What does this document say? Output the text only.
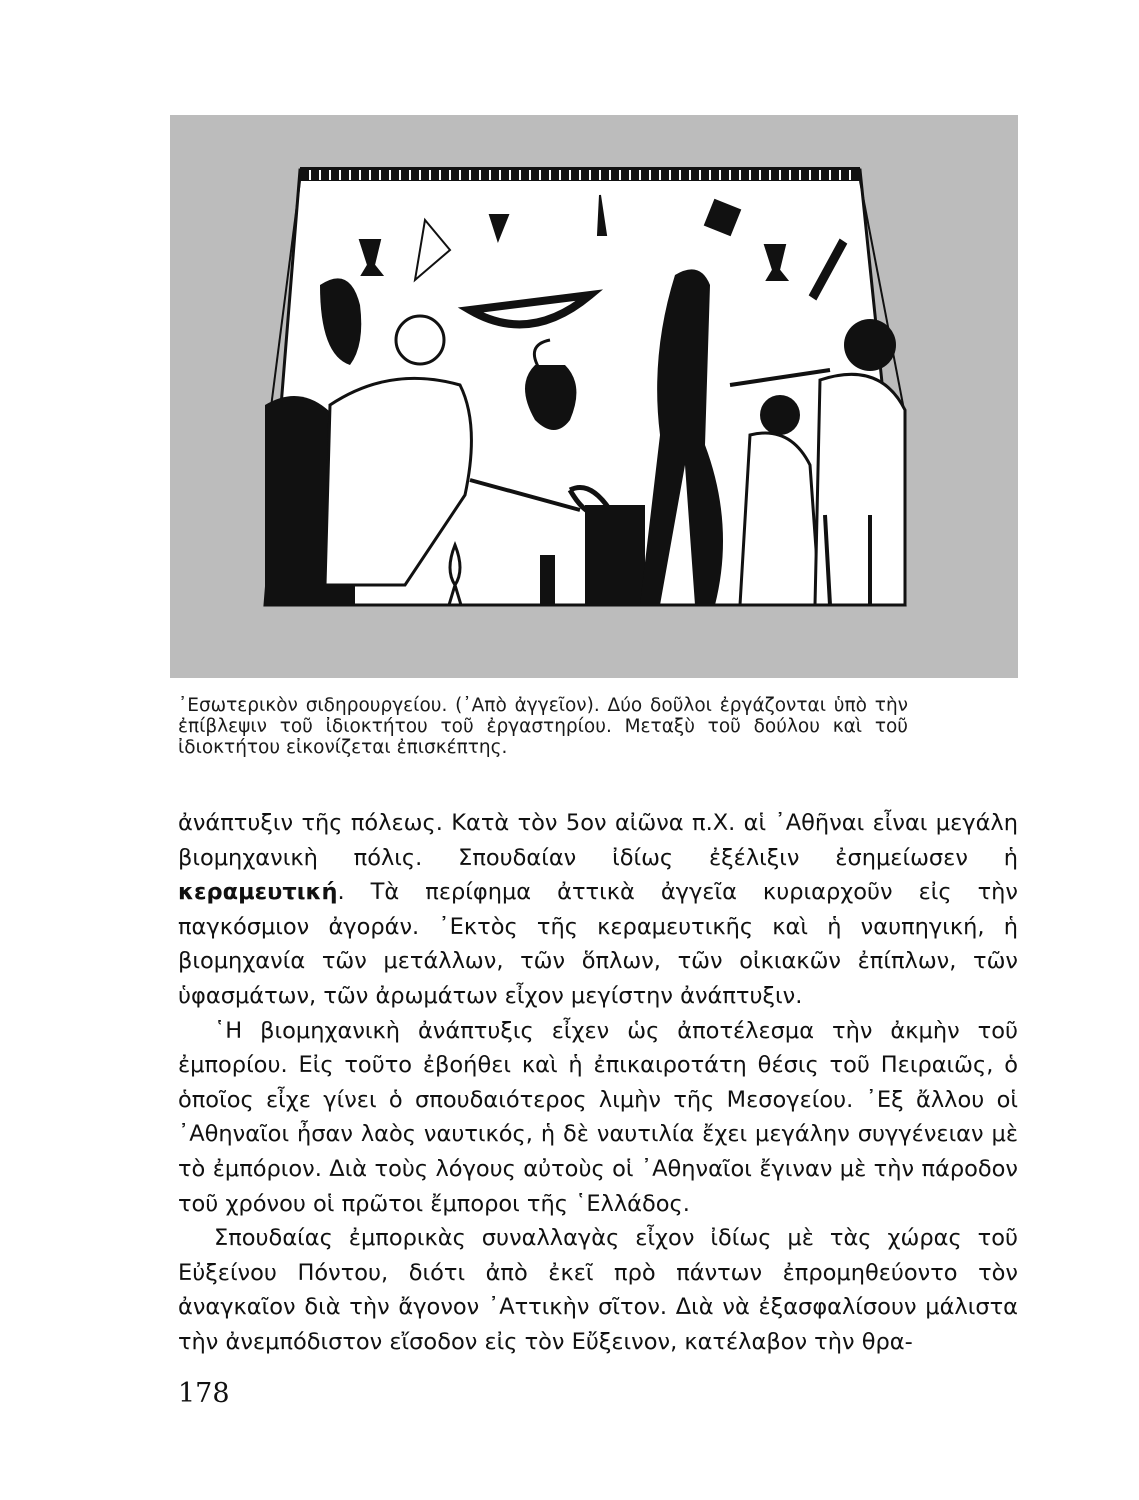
᾿Εσωτερικὸν σιδηρουργείου. (᾿Απὸ ἀγγεῖον). Δύο δοῦλοι ἐργάζονται ὑπὸ τὴν ἐπίβλεψιν τοῦ ἰδιοκτήτου τοῦ ἐργαστηρίου. Μεταξὺ τοῦ δούλου καὶ τοῦ ἰδιοκτήτου εἰκονίζεται ἐπισκέπτης.

ἀνάπτυξιν τῆς πόλεως. Κατὰ τὸν 5ον αἰῶνα π.Χ. αἱ ᾿Αθῆναι εἶναι μεγάλη βιομηχανικὴ πόλις. Σπουδαίαν ἰδίως ἐξέλιξιν ἐσημείωσεν ἡ κεραμευτική. Τὰ περίφημα ἀττικὰ ἀγγεῖα κυριαρχοῦν εἰς τὴν παγκόσμιον ἀγοράν. ᾿Εκτὸς τῆς κεραμευτικῆς καὶ ἡ ναυπηγική, ἡ βιομηχανία τῶν μετάλλων, τῶν ὅπλων, τῶν οἰκιακῶν ἐπίπλων, τῶν ὑφασμάτων, τῶν ἀρωμάτων εἶχον μεγίστην ἀνάπτυξιν.

῾Η βιομηχανικὴ ἀνάπτυξις εἶχεν ὡς ἀποτέλεσμα τὴν ἀκμὴν τοῦ ἐμπορίου. Εἰς τοῦτο ἐβοήθει καὶ ἡ ἐπικαιροτάτη θέσις τοῦ Πειραιῶς, ὁ ὁποῖος εἶχε γίνει ὁ σπουδαιότερος λιμὴν τῆς Μεσογείου. ᾿Εξ ἄλλου οἱ ᾿Αθηναῖοι ἦσαν λαὸς ναυτικός, ἡ δὲ ναυτιλία ἔχει μεγάλην συγγένειαν μὲ τὸ ἐμπόριον. Διὰ τοὺς λόγους αὐτοὺς οἱ ᾿Αθηναῖοι ἔγιναν μὲ τὴν πάροδον τοῦ χρόνου οἱ πρῶτοι ἔμποροι τῆς ῾Ελλάδος.

Σπουδαίας ἐμπορικὰς συναλλαγὰς εἶχον ἰδίως μὲ τὰς χώρας τοῦ Εὐξείνου Πόντου, διότι ἀπὸ ἐκεῖ πρὸ πάντων ἐπρομηθεύοντο τὸν ἀναγκαῖον διὰ τὴν ἄγονον ᾿Αττικὴν σῖτον. Διὰ νὰ ἐξασφαλίσουν μάλιστα τὴν ἀνεμπόδιστον εἴσοδον εἰς τὸν Εὔξεινον, κατέλαβον τὴν θρα-

178
